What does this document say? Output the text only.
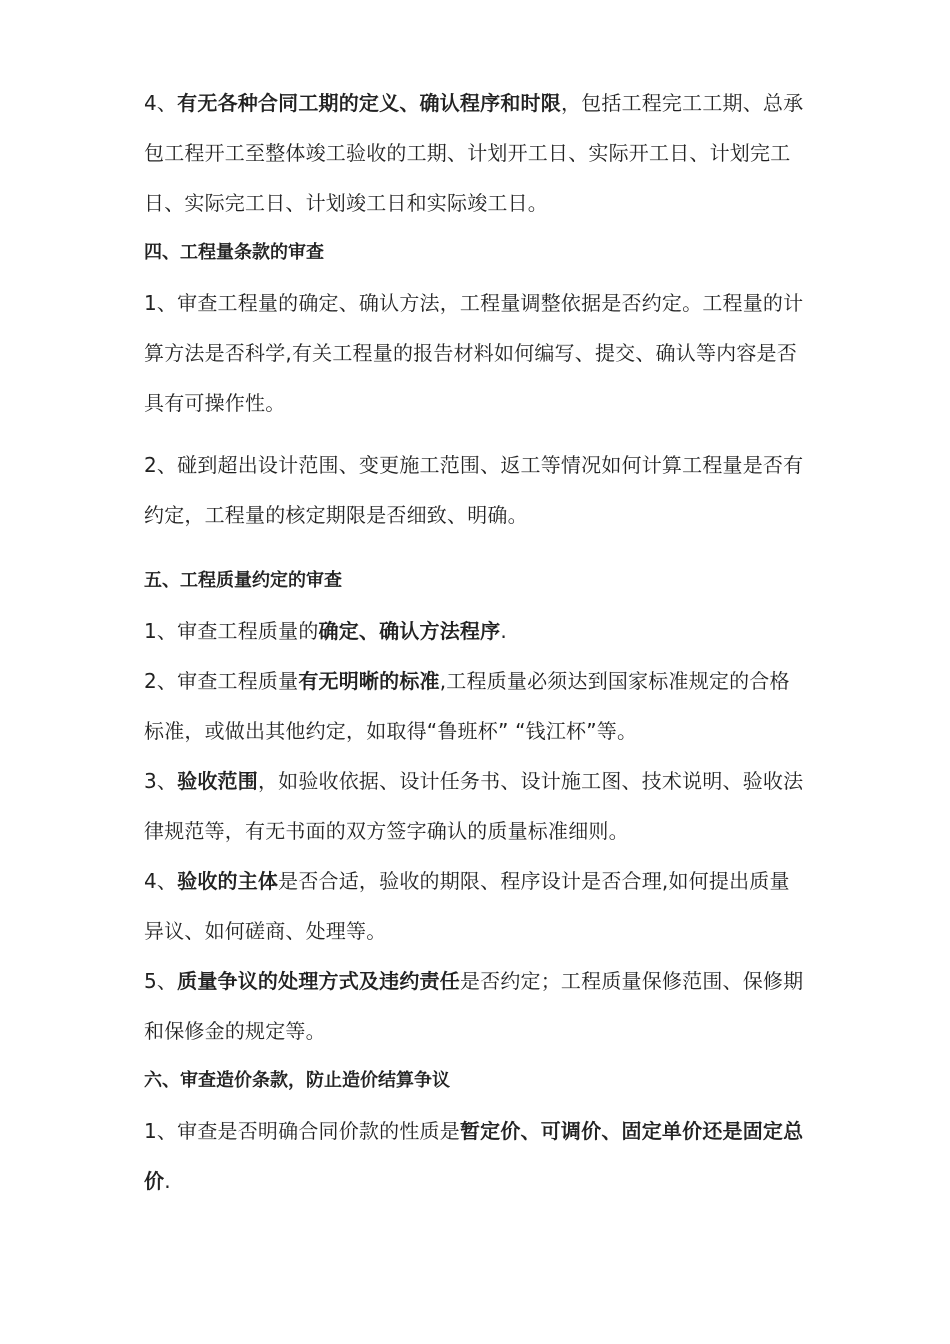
4、有无各种合同工期的定义、确认程序和时限，包括工程完工工期、总承包工程开工至整体竣工验收的工期、计划开工日、实际开工日、计划完工日、实际完工日、计划竣工日和实际竣工日。

四、工程量条款的审查

1、审查工程量的确定、确认方法，工程量调整依据是否约定。工程量的计算方法是否科学,有关工程量的报告材料如何编写、提交、确认等内容是否具有可操作性。

2、碰到超出设计范围、变更施工范围、返工等情况如何计算工程量是否有约定，工程量的核定期限是否细致、明确。

五、工程质量约定的审查

1、审查工程质量的确定、确认方法程序.

2、审查工程质量有无明晰的标准,工程质量必须达到国家标准规定的合格标准，或做出其他约定，如取得“鲁班杯” “钱江杯”等。

3、验收范围，如验收依据、设计任务书、设计施工图、技术说明、验收法律规范等，有无书面的双方签字确认的质量标准细则。

4、验收的主体是否合适，验收的期限、程序设计是否合理,如何提出质量异议、如何磋商、处理等。

5、质量争议的处理方式及违约责任是否约定；工程质量保修范围、保修期和保修金的规定等。

六、审查造价条款，防止造价结算争议

1、审查是否明确合同价款的性质是暂定价、可调价、固定单价还是固定总价.
